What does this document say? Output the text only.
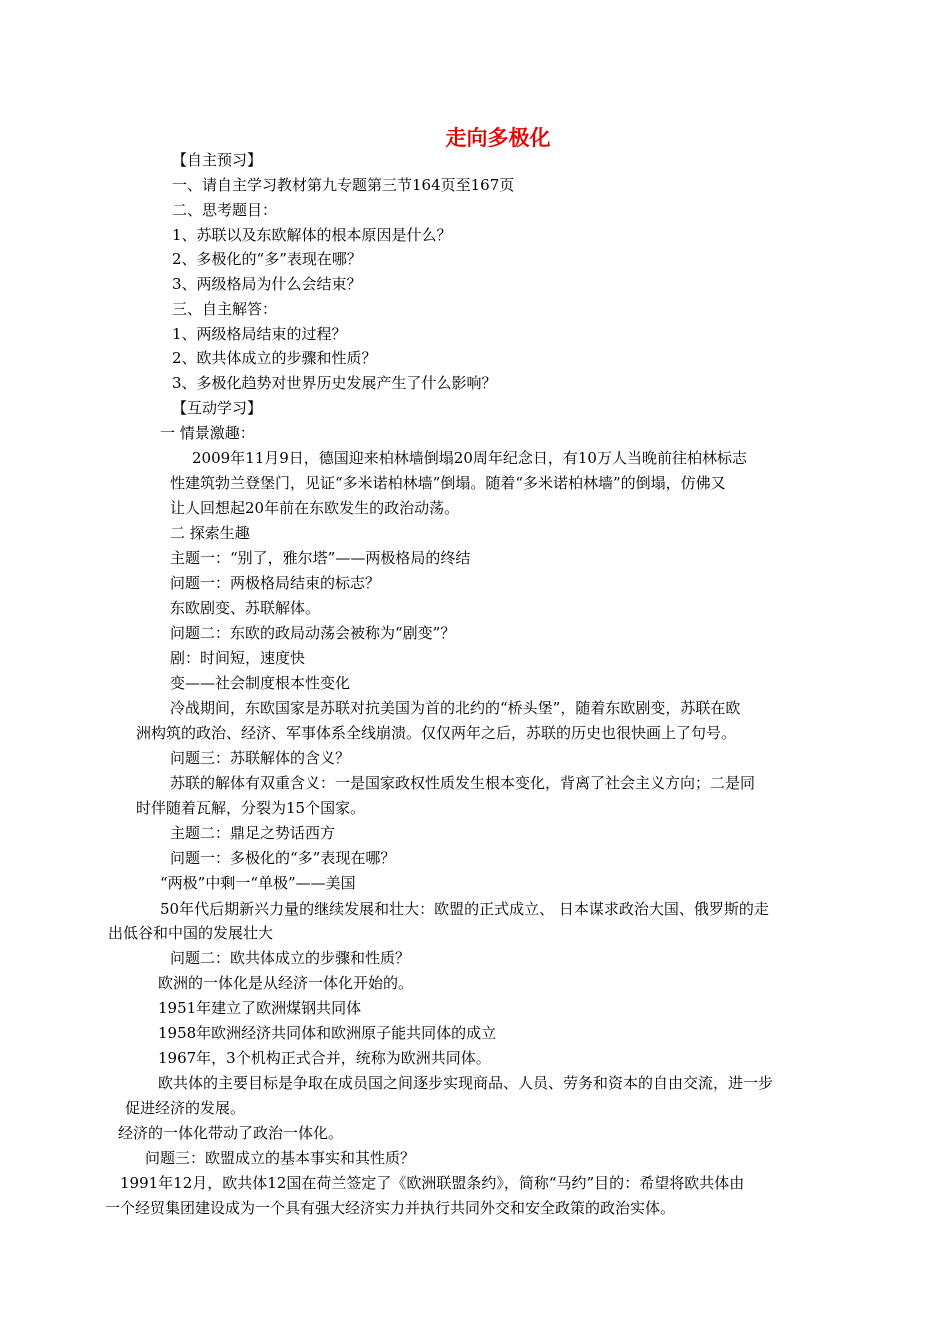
走向多极化
【自主预习】
一、请自主学习教材第九专题第三节164页至167页
二、思考题目：
1、苏联以及东欧解体的根本原因是什么？
2、多极化的“多”表现在哪？
3、两级格局为什么会结束？
三、自主解答：
1、两级格局结束的过程？
2、欧共体成立的步骤和性质？
3、多极化趋势对世界历史发展产生了什么影响？
【互动学习】
一 情景激趣：
2009年11月9日，德国迎来柏林墙倒塌20周年纪念日，有10万人当晚前往柏林标志
性建筑勃兰登堡门，见证“多米诺柏林墙”倒塌。随着“多米诺柏林墙”的倒塌，仿佛又
让人回想起20年前在东欧发生的政治动荡。
二 探索生趣
主题一：“别了，雅尔塔”——两极格局的终结
问题一：两极格局结束的标志？
东欧剧变、苏联解体。
问题二：东欧的政局动荡会被称为“剧变”？
剧：时间短，速度快
变——社会制度根本性变化
冷战期间，东欧国家是苏联对抗美国为首的北约的“桥头堡”，随着东欧剧变，苏联在欧
洲构筑的政治、经济、军事体系全线崩溃。仅仅两年之后，苏联的历史也很快画上了句号。
问题三：苏联解体的含义？
苏联的解体有双重含义：一是国家政权性质发生根本变化，背离了社会主义方向；二是同
时伴随着瓦解，分裂为15个国家。
主题二：鼎足之势话西方
问题一：多极化的“多”表现在哪？
“两极”中剩一“单极”——美国
50年代后期新兴力量的继续发展和壮大：欧盟的正式成立、 日本谋求政治大国、俄罗斯的走
出低谷和中国的发展壮大
问题二：欧共体成立的步骤和性质？
欧洲的一体化是从经济一体化开始的。
1951年建立了欧洲煤钢共同体
1958年欧洲经济共同体和欧洲原子能共同体的成立
1967年，3个机构正式合并，统称为欧洲共同体。
欧共体的主要目标是争取在成员国之间逐步实现商品、人员、劳务和资本的自由交流，进一步
促进经济的发展。
经济的一体化带动了政治一体化。
问题三：欧盟成立的基本事实和其性质？
1991年12月，欧共体12国在荷兰签定了《欧洲联盟条约》，简称“马约”目的：希望将欧共体由
一个经贸集团建设成为一个具有强大经济实力并执行共同外交和安全政策的政治实体。
